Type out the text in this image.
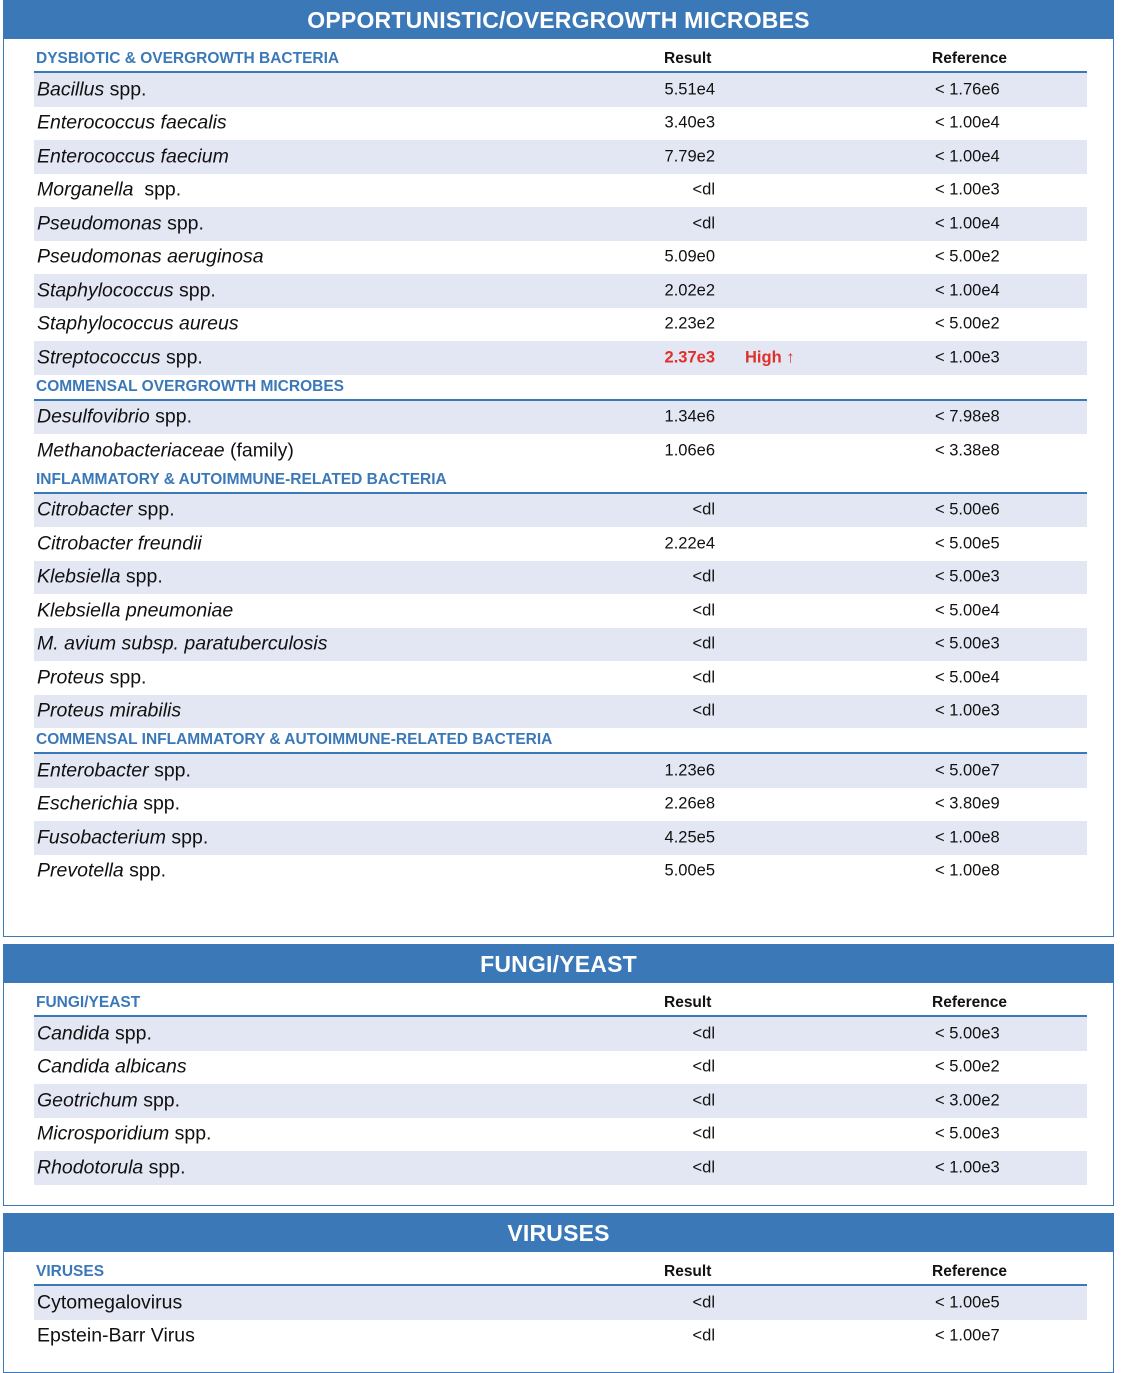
OPPORTUNISTIC/OVERGROWTH MICROBES
DYSBIOTIC & OVERGROWTH BACTERIA	Result	Reference
Bacillus spp.	5.51e4	< 1.76e6
Enterococcus faecalis	3.40e3	< 1.00e4
Enterococcus faecium	7.79e2	< 1.00e4
Morganella  spp.	<dl	< 1.00e3
Pseudomonas spp.	<dl	< 1.00e4
Pseudomonas aeruginosa	5.09e0	< 5.00e2
Staphylococcus spp.	2.02e2	< 1.00e4
Staphylococcus aureus	2.23e2	< 5.00e2
Streptococcus spp.	2.37e3 High ↑	< 1.00e3
COMMENSAL OVERGROWTH MICROBES
Desulfovibrio spp.	1.34e6	< 7.98e8
Methanobacteriaceae (family)	1.06e6	< 3.38e8
INFLAMMATORY & AUTOIMMUNE-RELATED BACTERIA
Citrobacter spp.	<dl	< 5.00e6
Citrobacter freundii	2.22e4	< 5.00e5
Klebsiella spp.	<dl	< 5.00e3
Klebsiella pneumoniae	<dl	< 5.00e4
M. avium subsp. paratuberculosis	<dl	< 5.00e3
Proteus spp.	<dl	< 5.00e4
Proteus mirabilis	<dl	< 1.00e3
COMMENSAL INFLAMMATORY & AUTOIMMUNE-RELATED BACTERIA
Enterobacter spp.	1.23e6	< 5.00e7
Escherichia spp.	2.26e8	< 3.80e9
Fusobacterium spp.	4.25e5	< 1.00e8
Prevotella spp.	5.00e5	< 1.00e8
FUNGI/YEAST
FUNGI/YEAST	Result	Reference
Candida spp.	<dl	< 5.00e3
Candida albicans	<dl	< 5.00e2
Geotrichum spp.	<dl	< 3.00e2
Microsporidium spp.	<dl	< 5.00e3
Rhodotorula spp.	<dl	< 1.00e3
VIRUSES
VIRUSES	Result	Reference
Cytomegalovirus	<dl	< 1.00e5
Epstein-Barr Virus	<dl	< 1.00e7
